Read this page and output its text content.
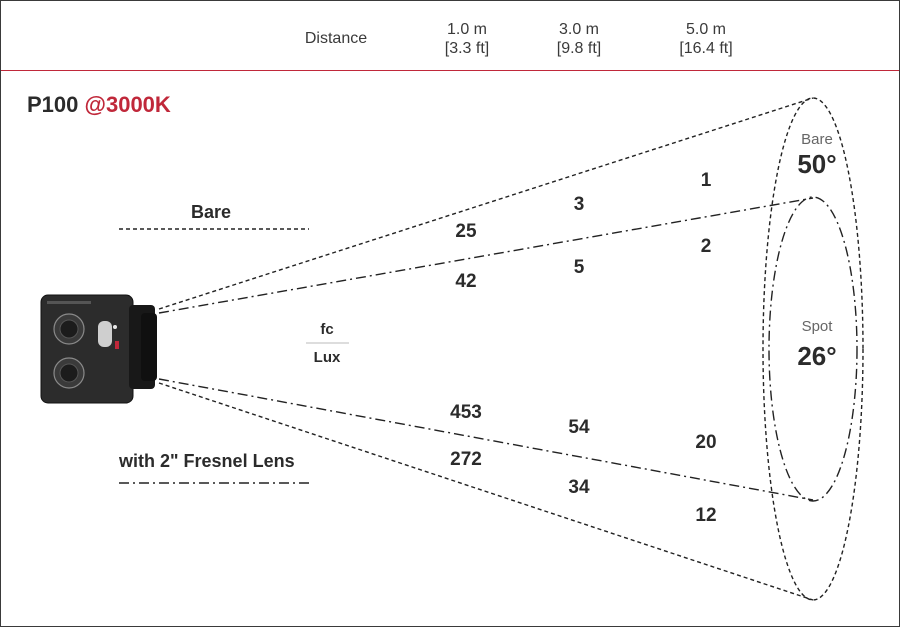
Distance
1.0 m
[3.3 ft]
3.0 m
[9.8 ft]
5.0 m
[16.4 ft]
P100 @3000K
Bare
with 2" Fresnel Lens
fc
Lux
25
3
1
42
5
2
453
54
20
272
34
12
Bare
50°
Spot
26°
